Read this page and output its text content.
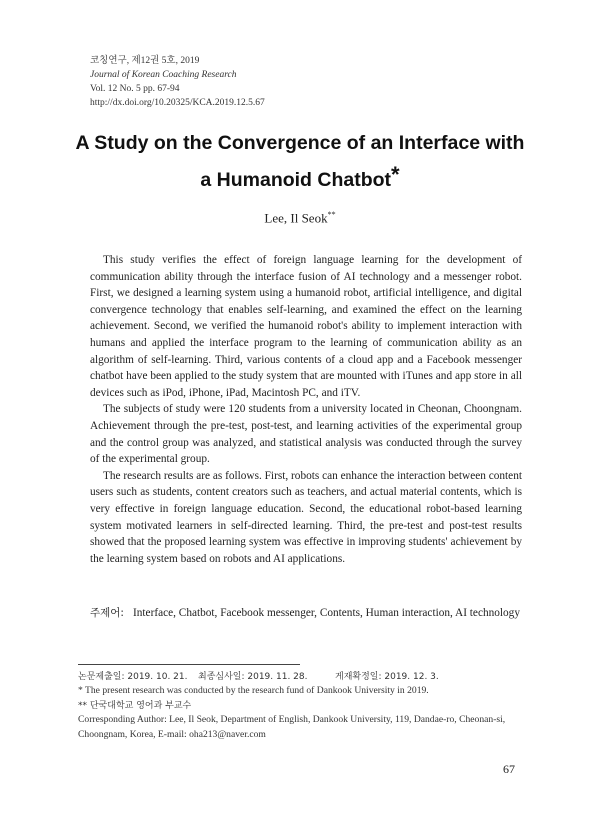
코칭연구, 제12권 5호, 2019
Journal of Korean Coaching Research
Vol. 12 No. 5 pp. 67-94
http://dx.doi.org/10.20325/KCA.2019.12.5.67
A Study on the Convergence of an Interface with
a Humanoid Chatbot*
Lee, Il Seok**

This study verifies the effect of foreign language learning for the development of communication ability through the interface fusion of AI technology and a messenger robot. First, we designed a learning system using a humanoid robot, artificial intelligence, and digital convergence technology that enables self-learning, and examined the effect on the learning achievement. Second, we verified the humanoid robot's ability to implement interaction with humans and applied the interface program to the learning of communication ability as an algorithm of self-learning. Third, various contents of a cloud app and a Facebook messenger chatbot have been applied to the study system that are mounted with iTunes and app store in all devices such as iPod, iPhone, iPad, Macintosh PC, and iTV.

The subjects of study were 120 students from a university located in Cheonan, Choongnam. Achievement through the pre-test, post-test, and learning activities of the experimental group and the control group was analyzed, and statistical analysis was conducted through the survey of the experimental group.

The research results are as follows. First, robots can enhance the interaction between content users such as students, content creators such as teachers, and actual material contents, which is very effective in foreign language education. Second, the educational robot-based learning system motivated learners in self-directed learning. Third, the pre-test and post-test results showed that the proposed learning system was effective in improving students' achievement by the learning system based on robots and AI applications.

주제어: Interface, Chatbot, Facebook messenger, Contents, Human interaction, AI technology
논문제출일: 2019. 10. 21.	최종심사일: 2019. 11. 28.	게재확정일: 2019. 12. 3.
* The present research was conducted by the research fund of Dankook University in 2019.
** 단국대학교 영어과 부교수
Corresponding Author: Lee, Il Seok, Department of English, Dankook University, 119, Dandae-ro, Cheonan-si, Choongnam, Korea, E-mail: oha213@naver.com
67
